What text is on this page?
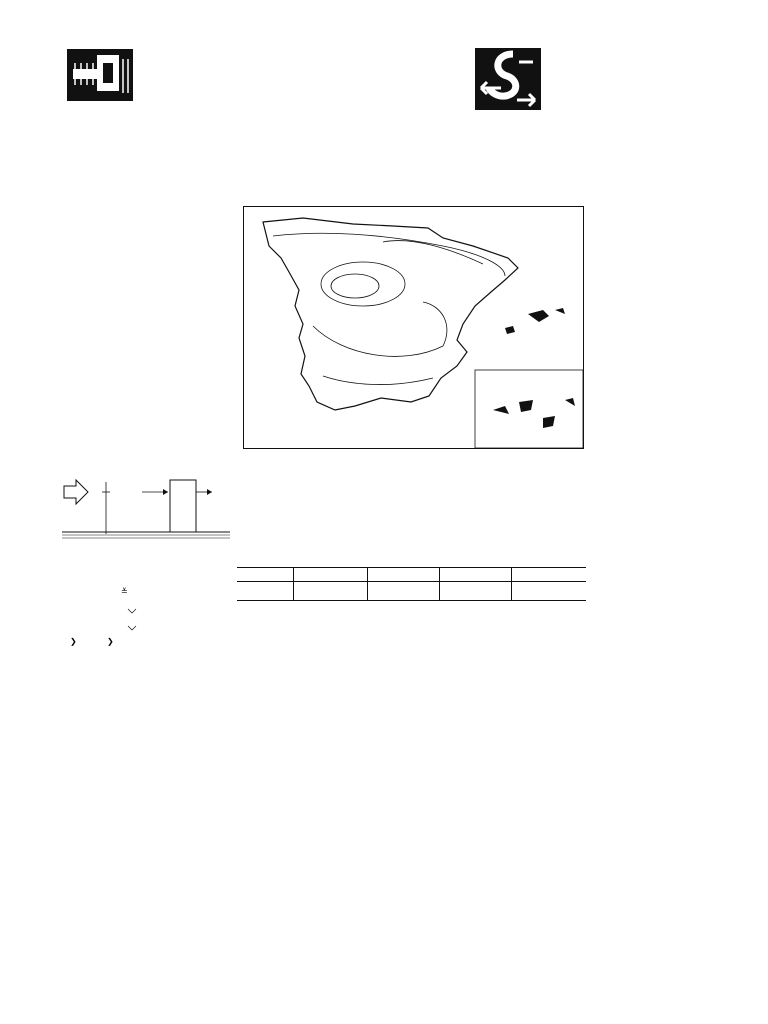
≚
❯	❯
